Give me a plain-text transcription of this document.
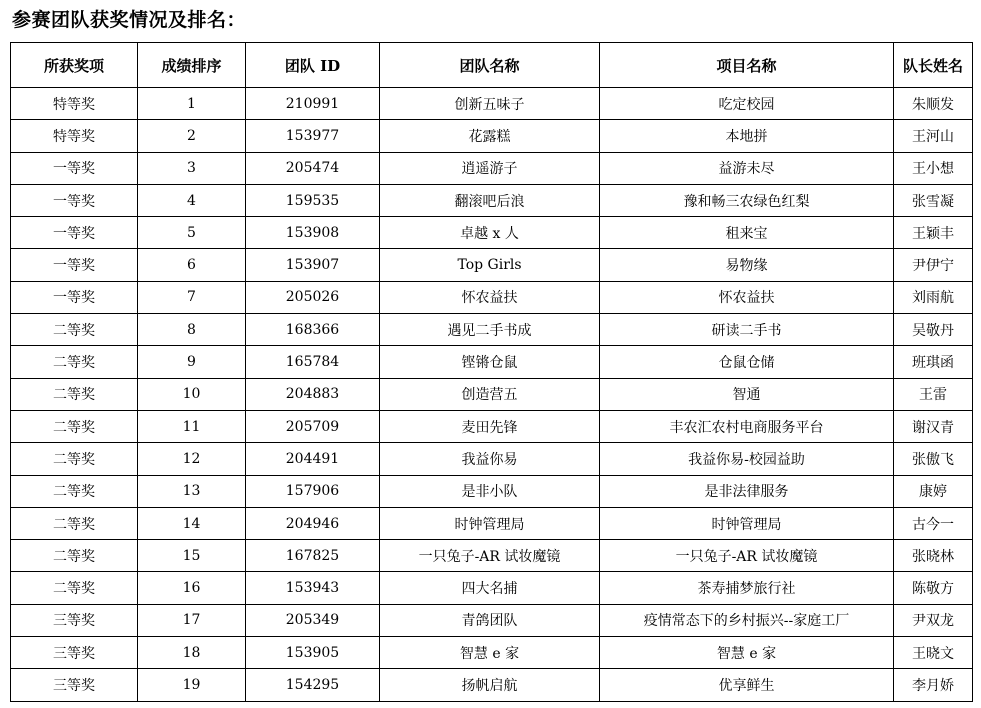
参赛团队获奖情况及排名：
所获奖项	成绩排序	团队 ID	团队名称	项目名称	队长姓名
特等奖	1	210991	创新五味子	吃定校园	朱顺发
特等奖	2	153977	花露糕	本地拼	王河山
一等奖	3	205474	逍遥游子	益游未尽	王小想
一等奖	4	159535	翻滚吧后浪	豫和畅三农绿色红梨	张雪凝
一等奖	5	153908	卓越 x 人	租来宝	王颖丰
一等奖	6	153907	Top Girls	易物缘	尹伊宁
一等奖	7	205026	怀农益扶	怀农益扶	刘雨航
二等奖	8	168366	遇见二手书成	研读二手书	吴敬丹
二等奖	9	165784	铿锵仓鼠	仓鼠仓储	班琪函
二等奖	10	204883	创造营五	智通	王雷
二等奖	11	205709	麦田先锋	丰农汇农村电商服务平台	谢汉青
二等奖	12	204491	我益你易	我益你易-校园益助	张傲飞
二等奖	13	157906	是非小队	是非法律服务	康婷
二等奖	14	204946	时钟管理局	时钟管理局	古今一
二等奖	15	167825	一只兔子-AR 试妆魔镜	一只兔子-AR 试妆魔镜	张晓林
二等奖	16	153943	四大名捕	茶寿捕梦旅行社	陈敬方
三等奖	17	205349	青鸽团队	疫情常态下的乡村振兴--家庭工厂	尹双龙
三等奖	18	153905	智慧 e 家	智慧 e 家	王晓文
三等奖	19	154295	扬帆启航	优享鲜生	李月娇
